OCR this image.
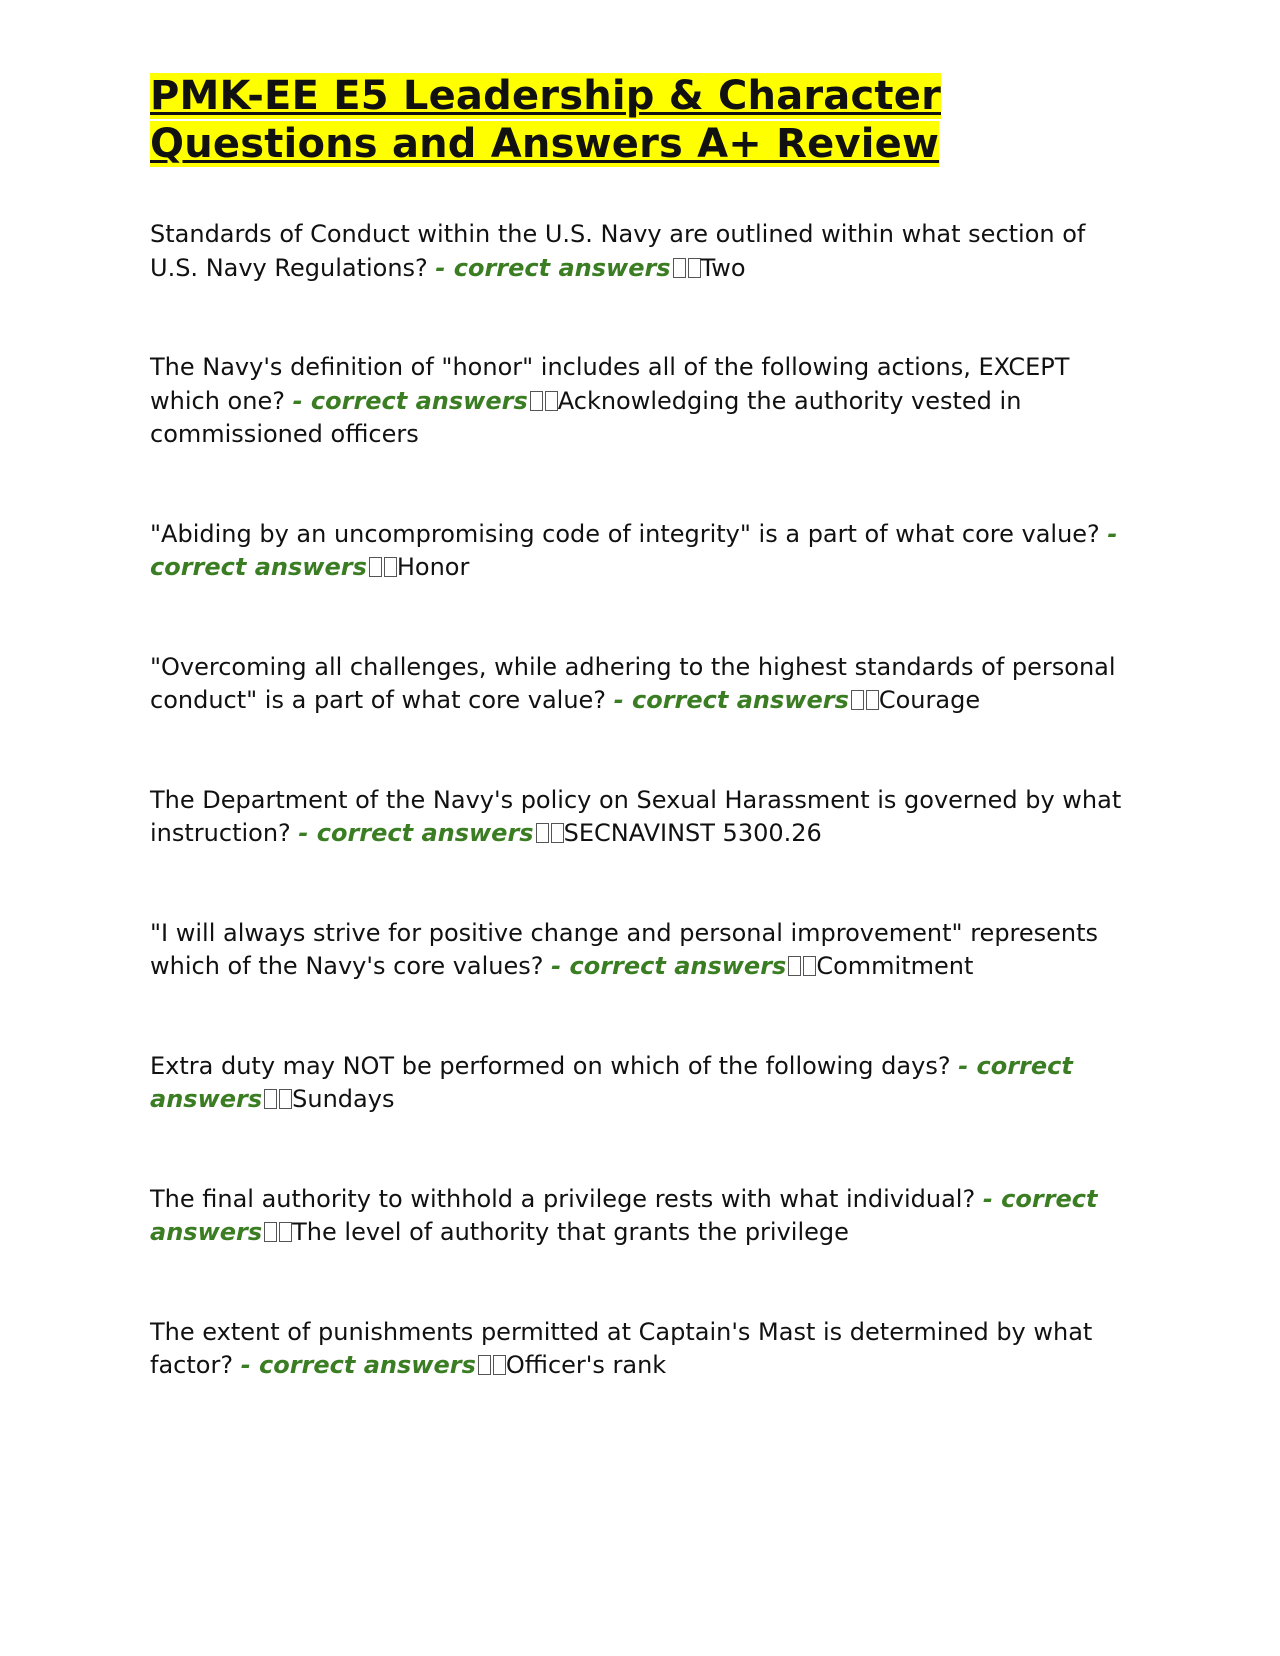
PMK-EE E5 Leadership & Character
Questions and Answers A+ Review

Standards of Conduct within the U.S. Navy are outlined within what section of U.S. Navy Regulations? - correct answers Two

The Navy's definition of "honor" includes all of the following actions, EXCEPT which one? - correct answers Acknowledging the authority vested in commissioned officers

"Abiding by an uncompromising code of integrity" is a part of what core value? - correct answers Honor

"Overcoming all challenges, while adhering to the highest standards of personal conduct" is a part of what core value? - correct answers Courage

The Department of the Navy's policy on Sexual Harassment is governed by what instruction? - correct answers SECNAVINST 5300.26

"I will always strive for positive change and personal improvement" represents which of the Navy's core values? - correct answers Commitment

Extra duty may NOT be performed on which of the following days? - correct answers Sundays

The final authority to withhold a privilege rests with what individual? - correct answers The level of authority that grants the privilege

The extent of punishments permitted at Captain's Mast is determined by what factor? - correct answers Officer's rank
